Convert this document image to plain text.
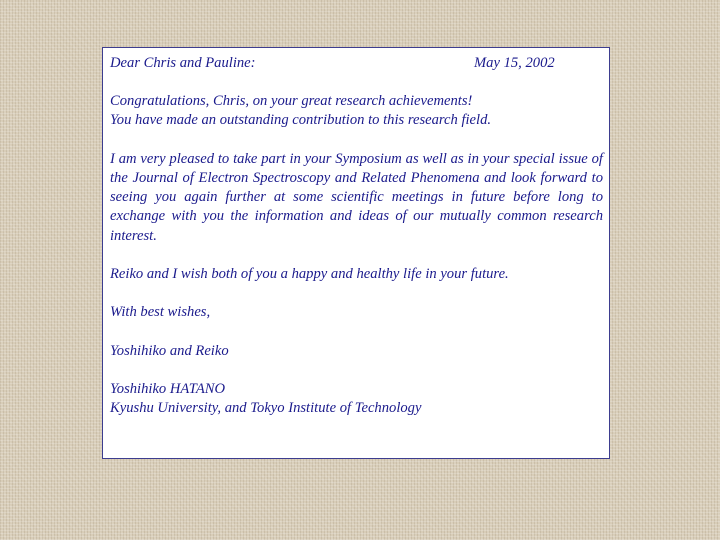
Dear Chris and Pauline:	May 15, 2002

Congratulations, Chris, on your great research achievements!
You have made an outstanding contribution to this research field.

I am very pleased to take part in your Symposium as well as in your special issue of the Journal of Electron Spectroscopy and Related Phenomena and look forward to seeing you again further at some scientific meetings in future before long to exchange with you the information and ideas of our mutually common research interest.

Reiko and I wish both of you a happy and healthy life in your future.

With best wishes,

Yoshihiko and Reiko

Yoshihiko HATANO
Kyushu University, and Tokyo Institute of Technology
